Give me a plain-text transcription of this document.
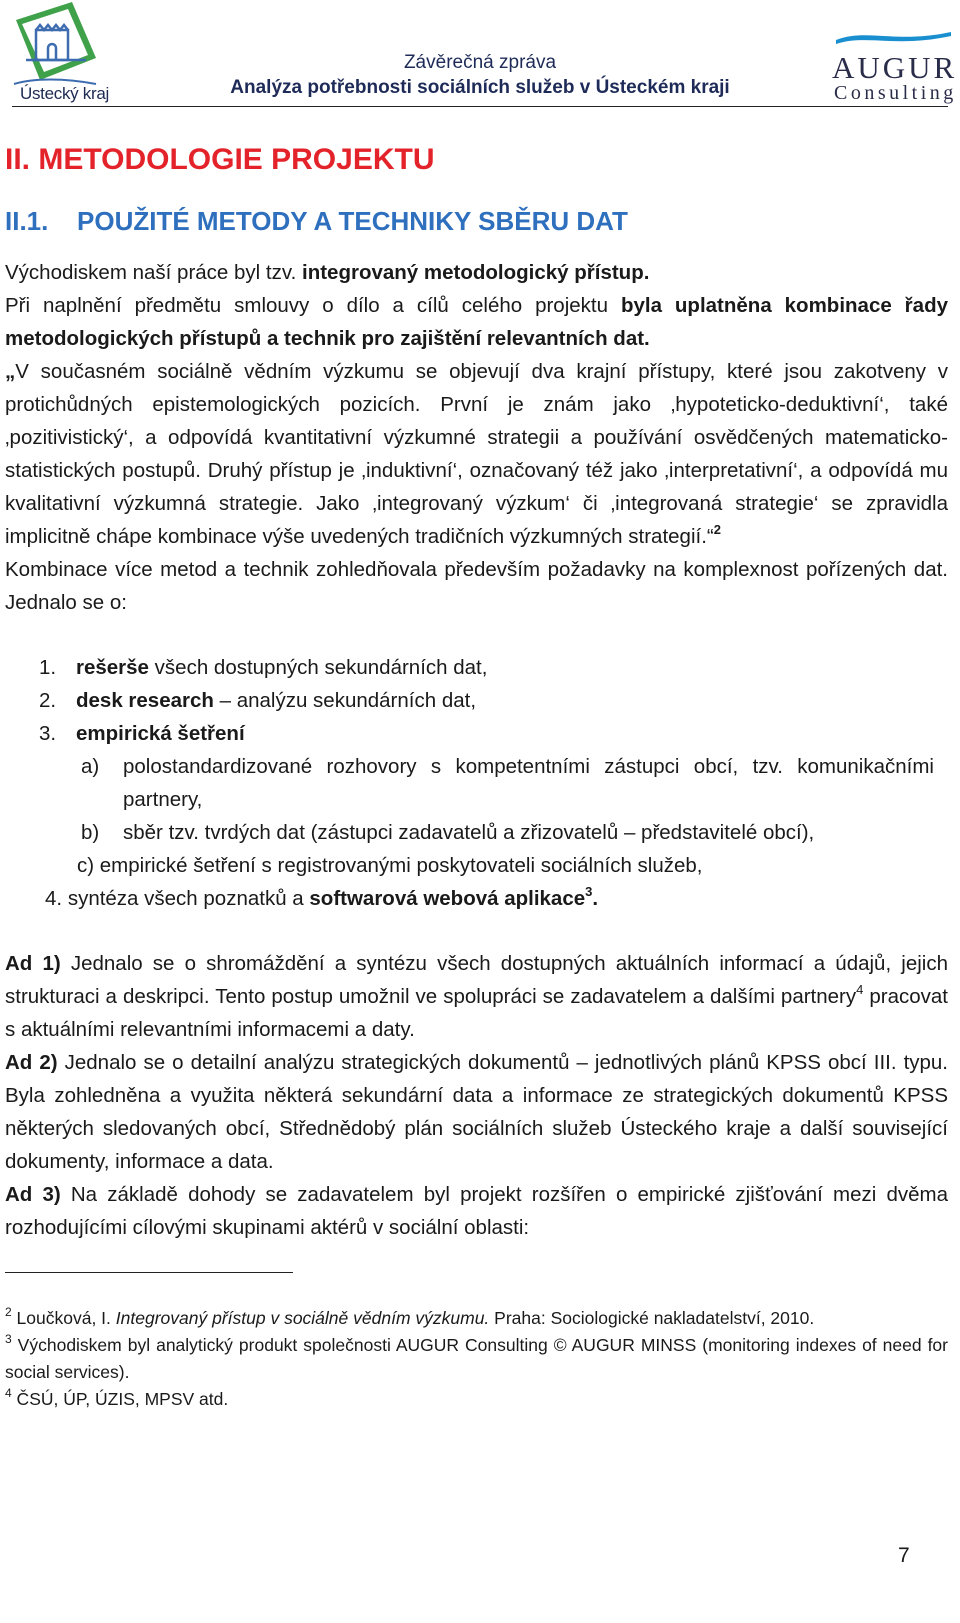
Ústecký kraj
Závěrečná zpráva
Analýza potřebnosti sociálních služeb v Ústeckém kraji
AUGUR
Consulting
II. METODOLOGIE PROJEKTU
II.1. POUŽITÉ METODY A TECHNIKY SBĚRU DAT

Východiskem naší práce byl tzv. integrovaný metodologický přístup.

Při naplnění předmětu smlouvy o dílo a cílů celého projektu byla uplatněna kombinace řady metodologických přístupů a technik pro zajištění relevantních dat.

„V současném sociálně vědním výzkumu se objevují dva krajní přístupy, které jsou zakotveny v protichůdných epistemologických pozicích. První je znám jako ‚hypoteticko-deduktivní‘, také ‚pozitivistický‘, a odpovídá kvantitativní výzkumné strategii a používání osvědčených matematicko-statistických postupů. Druhý přístup je ‚induktivní‘, označovaný též jako ‚interpretativní‘, a odpovídá mu kvalitativní výzkumná strategie. Jako ‚integrovaný výzkum‘ či ‚integrovaná strategie‘ se zpravidla implicitně chápe kombinace výše uvedených tradičních výzkumných strategií.“$^2$

Kombinace více metod a technik zohledňovala především požadavky na komplexnost pořízených dat. Jednalo se o:

1. rešerše všech dostupných sekundárních dat,
2. desk research – analýzu sekundárních dat,
3. empirická šetření
a) polostandardizované rozhovory s kompetentními zástupci obcí, tzv. komunikačními partnery,
b) sběr tzv. tvrdých dat (zástupci zadavatelů a zřizovatelů – představitelé obcí),
c) empirické šetření s registrovanými poskytovateli sociálních služeb,
4. syntéza všech poznatků a softwarová webová aplikace$^3$.

Ad 1) Jednalo se o shromáždění a syntézu všech dostupných aktuálních informací a údajů, jejich strukturaci a deskripci. Tento postup umožnil ve spolupráci se zadavatelem a dalšími partnery$^4$ pracovat s aktuálními relevantními informacemi a daty.

Ad 2) Jednalo se o detailní analýzu strategických dokumentů – jednotlivých plánů KPSS obcí III. typu. Byla zohledněna a využita některá sekundární data a informace ze strategických dokumentů KPSS některých sledovaných obcí, Střednědobý plán sociálních služeb Ústeckého kraje a další související dokumenty, informace a data.

Ad 3) Na základě dohody se zadavatelem byl projekt rozšířen o empirické zjišťování mezi dvěma rozhodujícími cílovými skupinami aktérů v sociální oblasti:

$^2$ Loučková, I. Integrovaný přístup v sociálně vědním výzkumu. Praha: Sociologické nakladatelství, 2010.
$^3$ Východiskem byl analytický produkt společnosti AUGUR Consulting © AUGUR MINSS (monitoring indexes of need for social services).
$^4$ ČSÚ, ÚP, ÚZIS, MPSV atd.
7
